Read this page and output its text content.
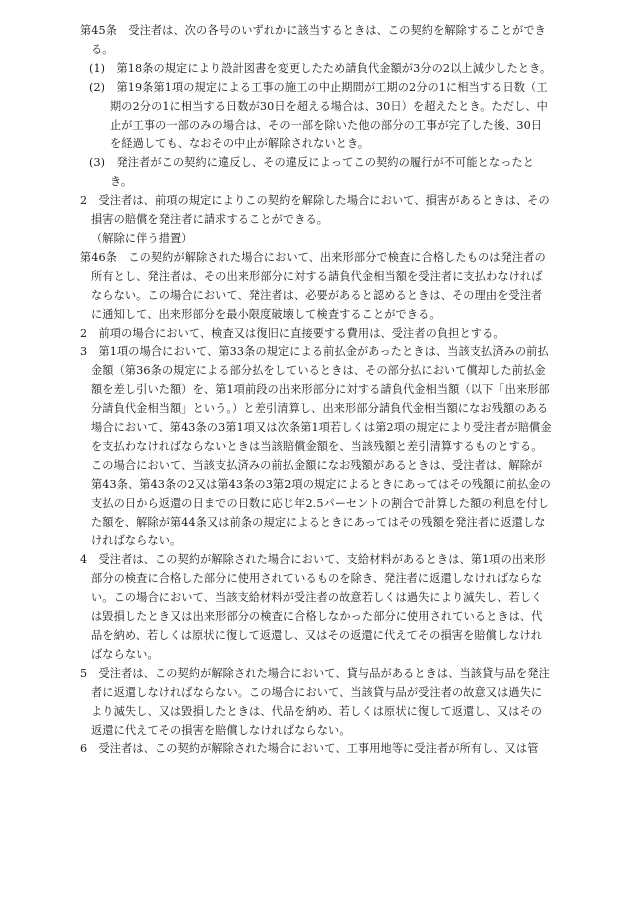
第45条　 受注者は、次の各号のいずれかに該当するときは、この契約を解除することができる。

(1)　 第18条の規定により設計図書を変更したため請負代金額が3分の2以上減少したとき。

(2)　 第19条第1項の規定による工事の施工の中止期間が工期の2分の1に相当する日数（工期の2分の1に相当する日数が30日を超える場合は、30日）を超えたとき。ただし、中止が工事の一部のみの場合は、その一部を除いた他の部分の工事が完了した後、30日を経過しても、なおその中止が解除されないとき。

(3)　 発注者がこの契約に違反し、その違反によってこの契約の履行が不可能となったとき。

2　 受注者は、前項の規定によりこの契約を解除した場合において、損害があるときは、その損害の賠償を発注者に請求することができる。

（解除に伴う措置）

第46条　 この契約が解除された場合において、出来形部分で検査に合格したものは発注者の所有とし、発注者は、その出来形部分に対する請負代金相当額を受注者に支払わなければならない。この場合において、発注者は、必要があると認めるときは、その理由を受注者に通知して、出来形部分を最小限度破壊して検査することができる。

2　 前項の場合において、検査又は復旧に直接要する費用は、受注者の負担とする。

3　 第1項の場合において、第33条の規定による前払金があったときは、当該支払済みの前払金額（第36条の規定による部分払をしているときは、その部分払において償却した前払金額を差し引いた額）を、第1項前段の出来形部分に対する請負代金相当額（以下「出来形部分請負代金相当額」という。）と差引清算し、出来形部分請負代金相当額になお残額のある場合において、第43条の3第1項又は次条第1項若しくは第2項の規定により受注者が賠償金を支払わなければならないときは当該賠償金額を、当該残額と差引清算するものとする。この場合において、当該支払済みの前払金額になお残額があるときは、受注者は、解除が第43条、第43条の2又は第43条の3第2項の規定によるときにあってはその残額に前払金の支払の日から返還の日までの日数に応じ年2.5パーセントの割合で計算した額の利息を付した額を、解除が第44条又は前条の規定によるときにあってはその残額を発注者に返還しなければならない。

4　 受注者は、この契約が解除された場合において、支給材料があるときは、第1項の出来形部分の検査に合格した部分に使用されているものを除き、発注者に返還しなければならない。この場合において、当該支給材料が受注者の故意若しくは過失により滅失し、若しくは毀損したとき又は出来形部分の検査に合格しなかった部分に使用されているときは、代品を納め、若しくは原状に復して返還し、又はその返還に代えてその損害を賠償しなければならない。

5　 受注者は、この契約が解除された場合において、貸与品があるときは、当該貸与品を発注者に返還しなければならない。この場合において、当該貸与品が受注者の故意又は過失により滅失し、又は毀損したときは、代品を納め、若しくは原状に復して返還し、又はその返還に代えてその損害を賠償しなければならない。

6　 受注者は、この契約が解除された場合において、工事用地等に受注者が所有し、又は管
